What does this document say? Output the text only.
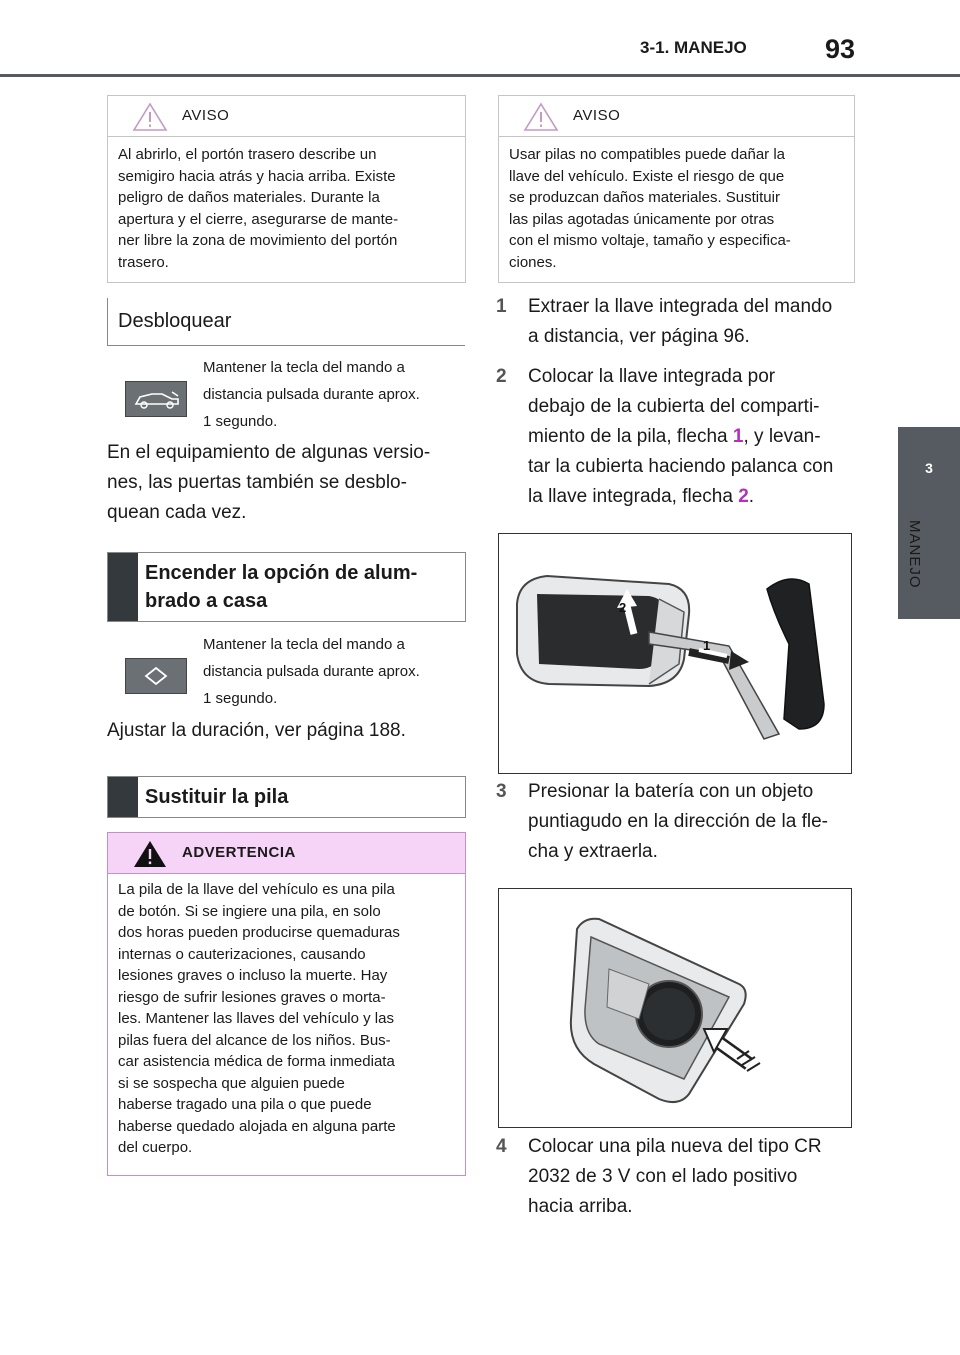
3-1. MANEJO	93
3
MANEJO
AVISO
Al abrirlo, el portón trasero describe un
semigiro hacia atrás y hacia arriba. Existe
peligro de daños materiales. Durante la
apertura y el cierre, asegurarse de mante-
ner libre la zona de movimiento del portón
trasero.
Desbloquear
Mantener la tecla del mando a
distancia pulsada durante aprox.
1 segundo.
En el equipamiento de algunas versio-
nes, las puertas también se desblo-
quean cada vez.
Encender la opción de alum-
brado a casa
Mantener la tecla del mando a
distancia pulsada durante aprox.
1 segundo.
Ajustar la duración, ver página 188.
Sustituir la pila
ADVERTENCIA
La pila de la llave del vehículo es una pila
de botón. Si se ingiere una pila, en solo
dos horas pueden producirse quemaduras
internas o cauterizaciones, causando
lesiones graves o incluso la muerte. Hay
riesgo de sufrir lesiones graves o morta-
les. Mantener las llaves del vehículo y las
pilas fuera del alcance de los niños. Bus-
car asistencia médica de forma inmediata
si se sospecha que alguien puede
haberse tragado una pila o que puede
haberse quedado alojada en alguna parte
del cuerpo.
AVISO
Usar pilas no compatibles puede dañar la
llave del vehículo. Existe el riesgo de que
se produzcan daños materiales. Sustituir
las pilas agotadas únicamente por otras
con el mismo voltaje, tamaño y especifica-
ciones.
1 Extraer la llave integrada del mando
a distancia, ver página 96.
2 Colocar la llave integrada por
debajo de la cubierta del comparti-
miento de la pila, flecha 1, y levan-
tar la cubierta haciendo palanca con
la llave integrada, flecha 2.
1
2
3 Presionar la batería con un objeto
puntiagudo en la dirección de la fle-
cha y extraerla.
4 Colocar una pila nueva del tipo CR
2032 de 3 V con el lado positivo
hacia arriba.
